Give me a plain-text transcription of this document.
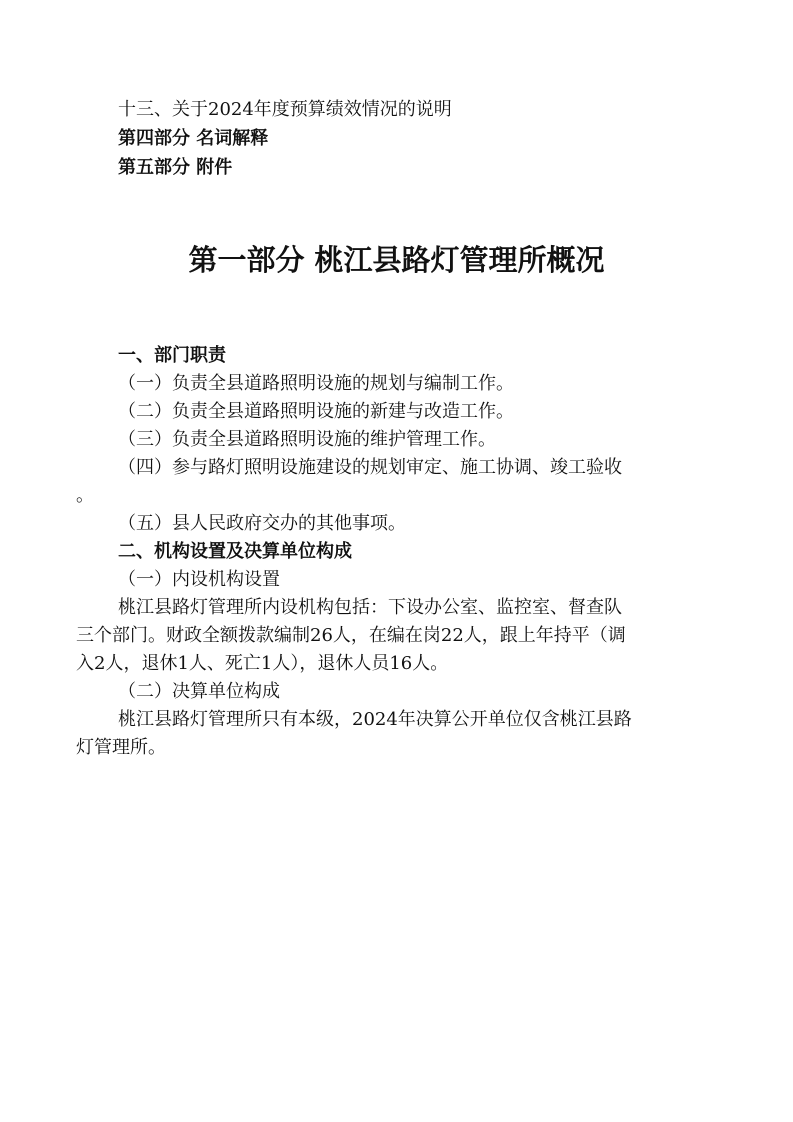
十三、关于2024年度预算绩效情况的说明
第四部分 名词解释
第五部分 附件
第一部分 桃江县路灯管理所概况
一、部门职责
（一）负责全县道路照明设施的规划与编制工作。
（二）负责全县道路照明设施的新建与改造工作。
（三）负责全县道路照明设施的维护管理工作。
（四）参与路灯照明设施建设的规划审定、施工协调、竣工验收
。
（五）县人民政府交办的其他事项。
二、机构设置及决算单位构成
（一）内设机构设置
桃江县路灯管理所内设机构包括：下设办公室、监控室、督查队
三个部门。财政全额拨款编制26人，在编在岗22人，跟上年持平（调
入2人，退休1人、死亡1人），退休人员16人。
（二）决算单位构成
桃江县路灯管理所只有本级，2024年决算公开单位仅含桃江县路
灯管理所。
